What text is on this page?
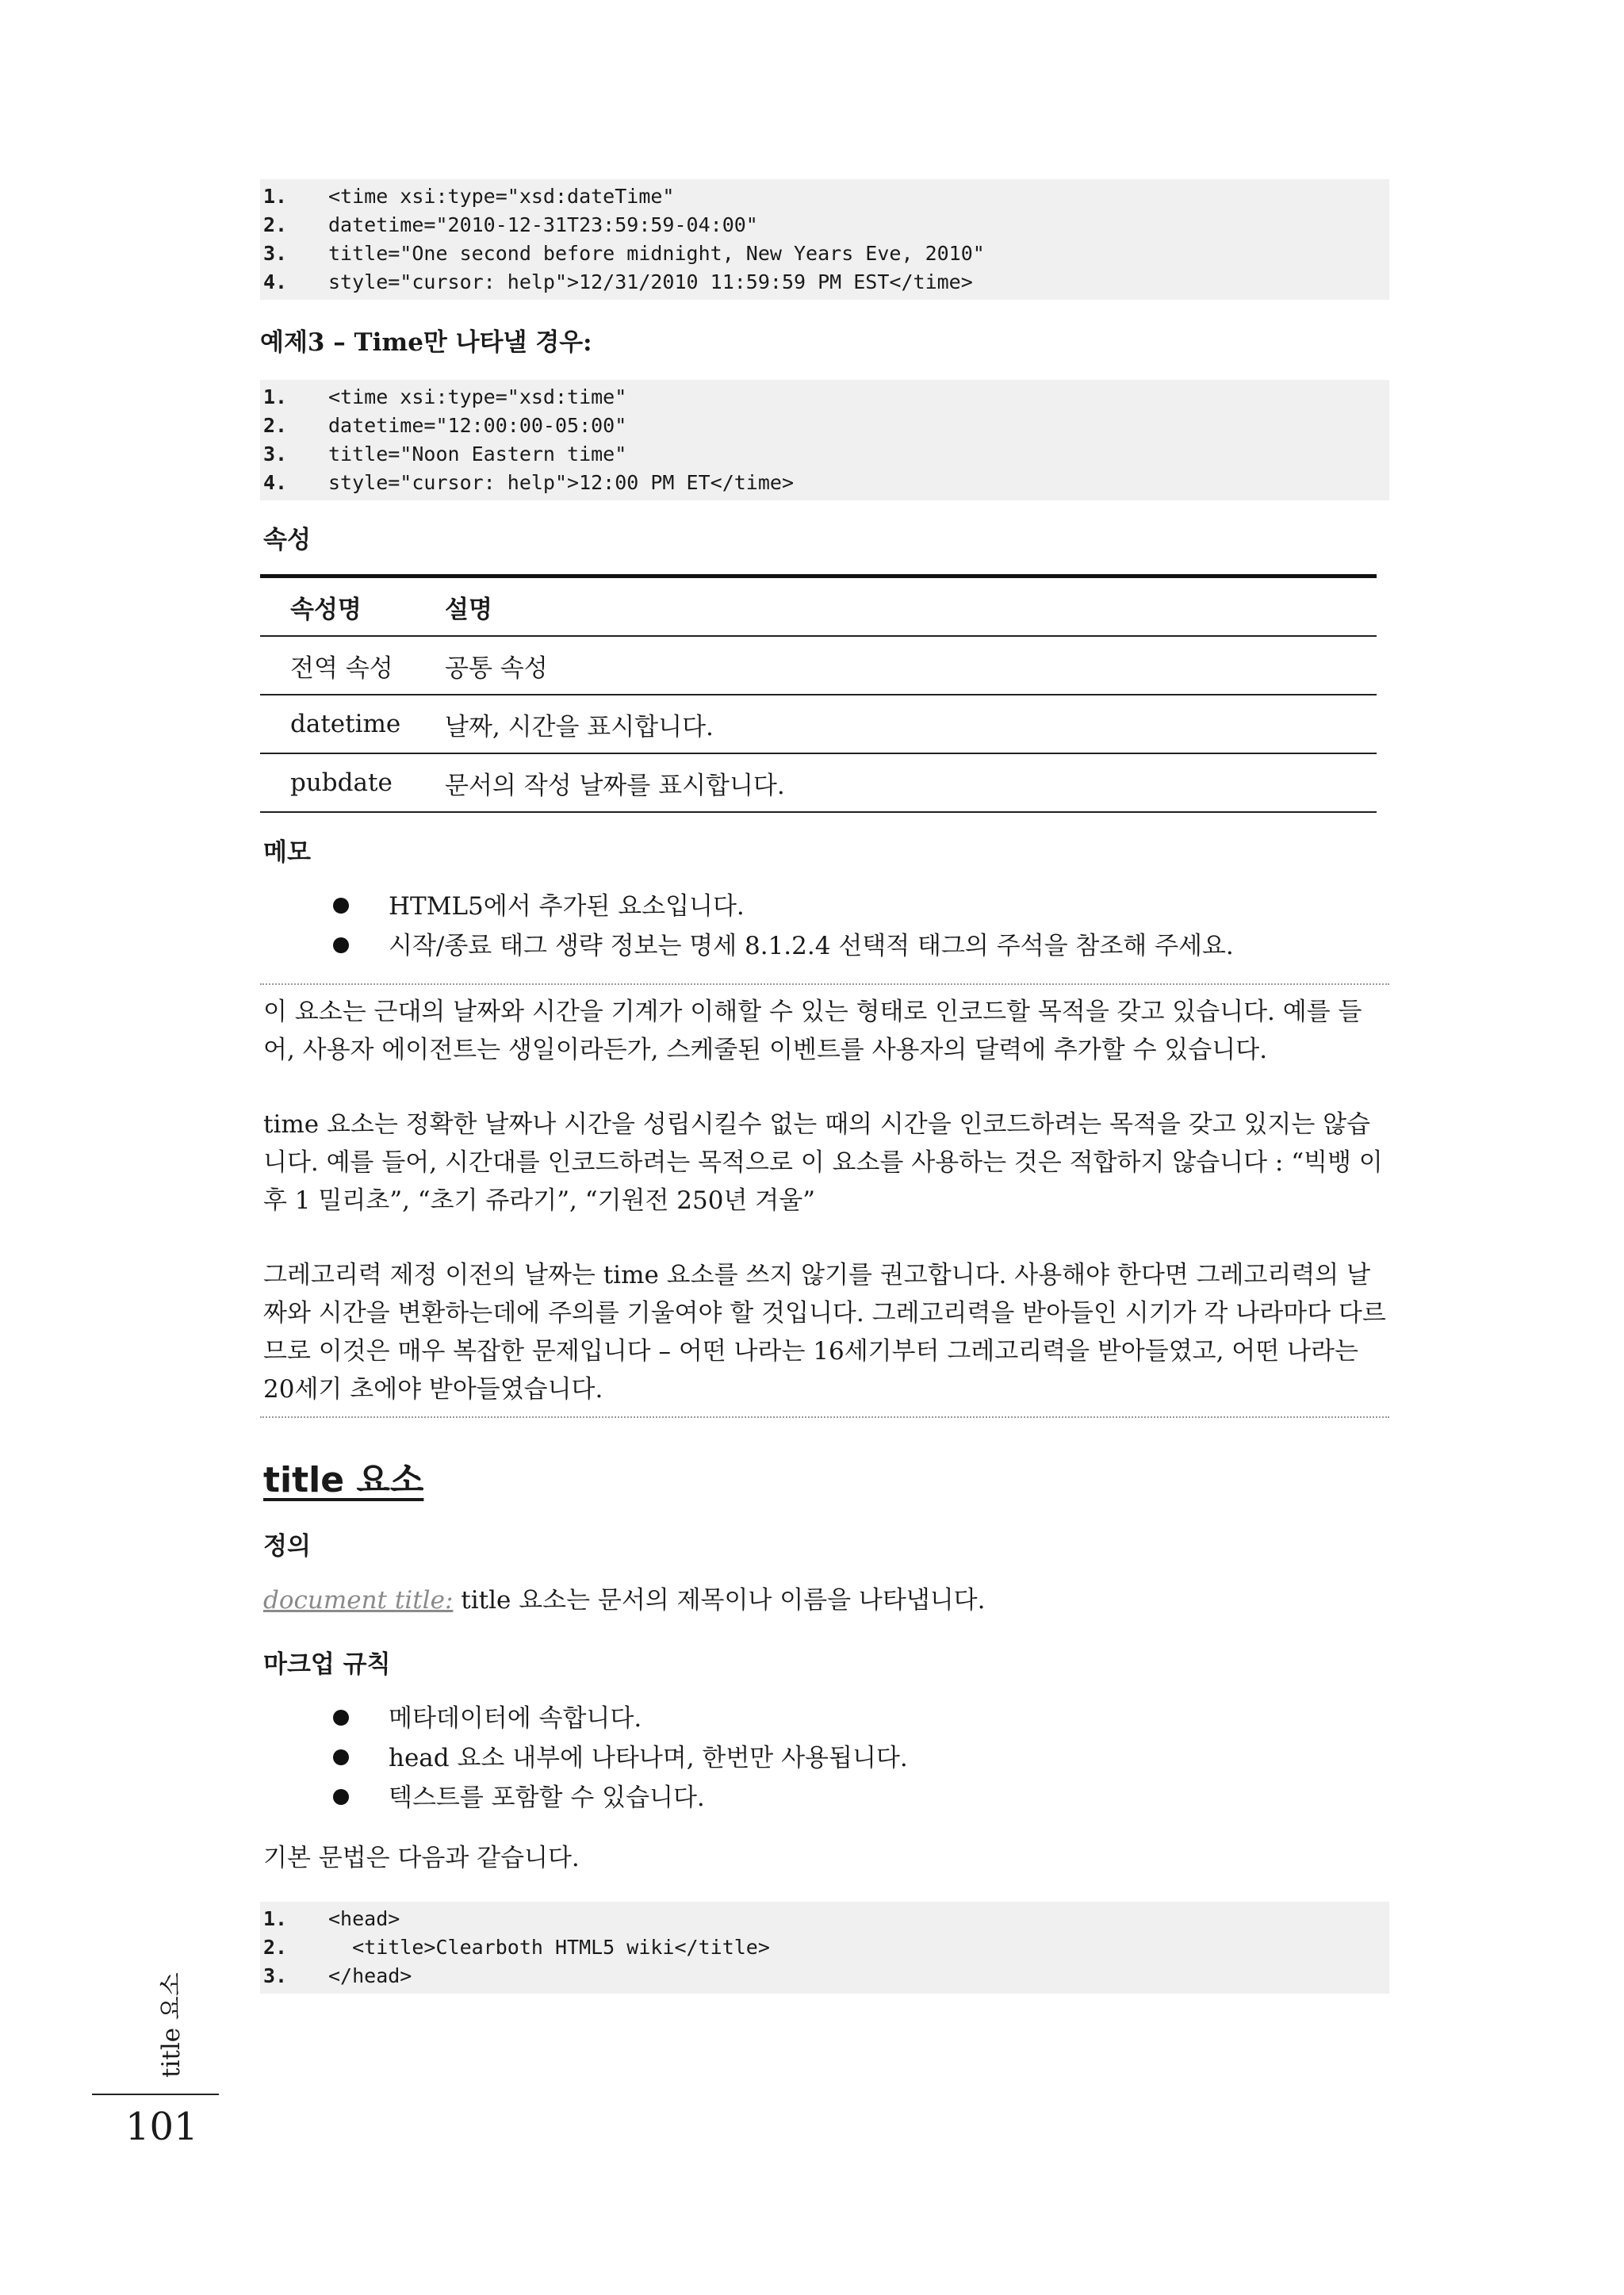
1.	<time xsi:type="xsd:dateTime"
2.	datetime="2010-12-31T23:59:59-04:00"
3.	title="One second before midnight, New Years Eve, 2010"
4.	style="cursor: help">12/31/2010 11:59:59 PM EST</time>
예제3 – Time만 나타낼 경우:
1.	<time xsi:type="xsd:time"
2.	datetime="12:00:00-05:00"
3.	title="Noon Eastern time"
4.	style="cursor: help">12:00 PM ET</time>
속성
속성명	설명
전역 속성	공통 속성
datetime	날짜, 시간을 표시합니다.
pubdate	문서의 작성 날짜를 표시합니다.
메모
HTML5에서 추가된 요소입니다.
시작/종료 태그 생략 정보는 명세 8.1.2.4 선택적 태그의 주석을 참조해 주세요.

이 요소는 근대의 날짜와 시간을 기계가 이해할 수 있는 형태로 인코드할 목적을 갖고 있습니다. 예를 들어, 사용자 에이전트는 생일이라든가, 스케줄된 이벤트를 사용자의 달력에 추가할 수 있습니다.

time 요소는 정확한 날짜나 시간을 성립시킬수 없는 때의 시간을 인코드하려는 목적을 갖고 있지는 않습니다. 예를 들어, 시간대를 인코드하려는 목적으로 이 요소를 사용하는 것은 적합하지 않습니다 : “빅뱅 이후 1 밀리초”, “초기 쥬라기”, “기원전 250년 겨울”

그레고리력 제정 이전의 날짜는 time 요소를 쓰지 않기를 권고합니다. 사용해야 한다면 그레고리력의 날짜와 시간을 변환하는데에 주의를 기울여야 할 것입니다. 그레고리력을 받아들인 시기가 각 나라마다 다르므로 이것은 매우 복잡한 문제입니다 – 어떤 나라는 16세기부터 그레고리력을 받아들였고, 어떤 나라는 20세기 초에야 받아들였습니다.

title 요소
정의
document title: title 요소는 문서의 제목이나 이름을 나타냅니다.
마크업 규칙
메타데이터에 속합니다.
head 요소 내부에 나타나며, 한번만 사용됩니다.
텍스트를 포함할 수 있습니다.
기본 문법은 다음과 같습니다.
1.	<head>
2.	<title>Clearboth HTML5 wiki</title>
3.	</head>
title 요소
101
